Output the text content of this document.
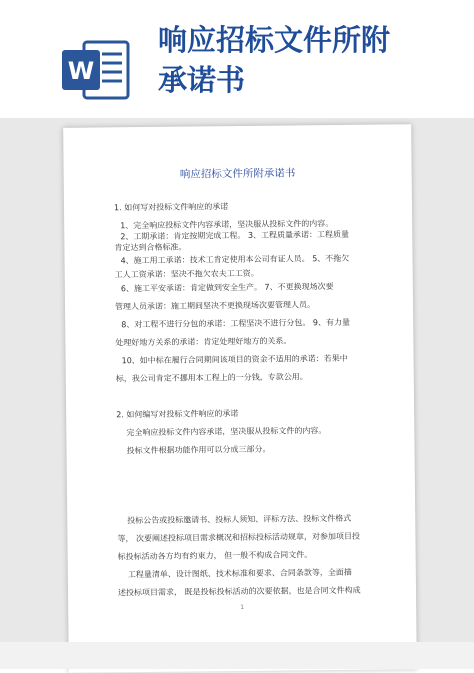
W
响应招标文件所附
承诺书

响应招标文件所附承诺书
1. 如何写对投标文件响应的承诺
1、完全响应投标文件内容承诺，坚决服从投标文件的内容。
2、工期承诺：肯定按期完成工程。 3、工程质量承诺：工程质量
肯定达到合格标准。
4、施工用工承诺：技术工肯定使用本公司有证人员。 5、不拖欠
工人工资承诺：坚决不拖欠农夫工工资。
6、施工平安承诺：肯定做到安全生产。 7、不更换现场次要
管理人员承诺：施工期间坚决不更换现场次要管理人员。
8、对工程不进行分包的承诺：工程坚决不进行分包。 9、有力量
处理好地方关系的承诺：肯定处理好地方的关系。
10、如中标在履行合同期间该项目的资金不适用的承诺：若果中
标，我公司肯定不挪用本工程上的一分钱，专款公用。
2. 如何编写对投标文件响应的承诺
完全响应投标文件内容承诺，坚决服从投标文件的内容。
投标文件根据功能作用可以分成三部分。
投标公告或投标邀请书、投标人须知、评标方法、投标文件格式
等， 次要阐述投标项目需求概况和招标投标活动规章，对参加项目投
标投标活动各方均有约束力， 但一般不构成合同文件。
工程量清单、设计图纸、技术标准和要求、合同条款等，全面描
述投标项目需求， 既是投标投标活动的次要依据，也是合同文件构成
1
